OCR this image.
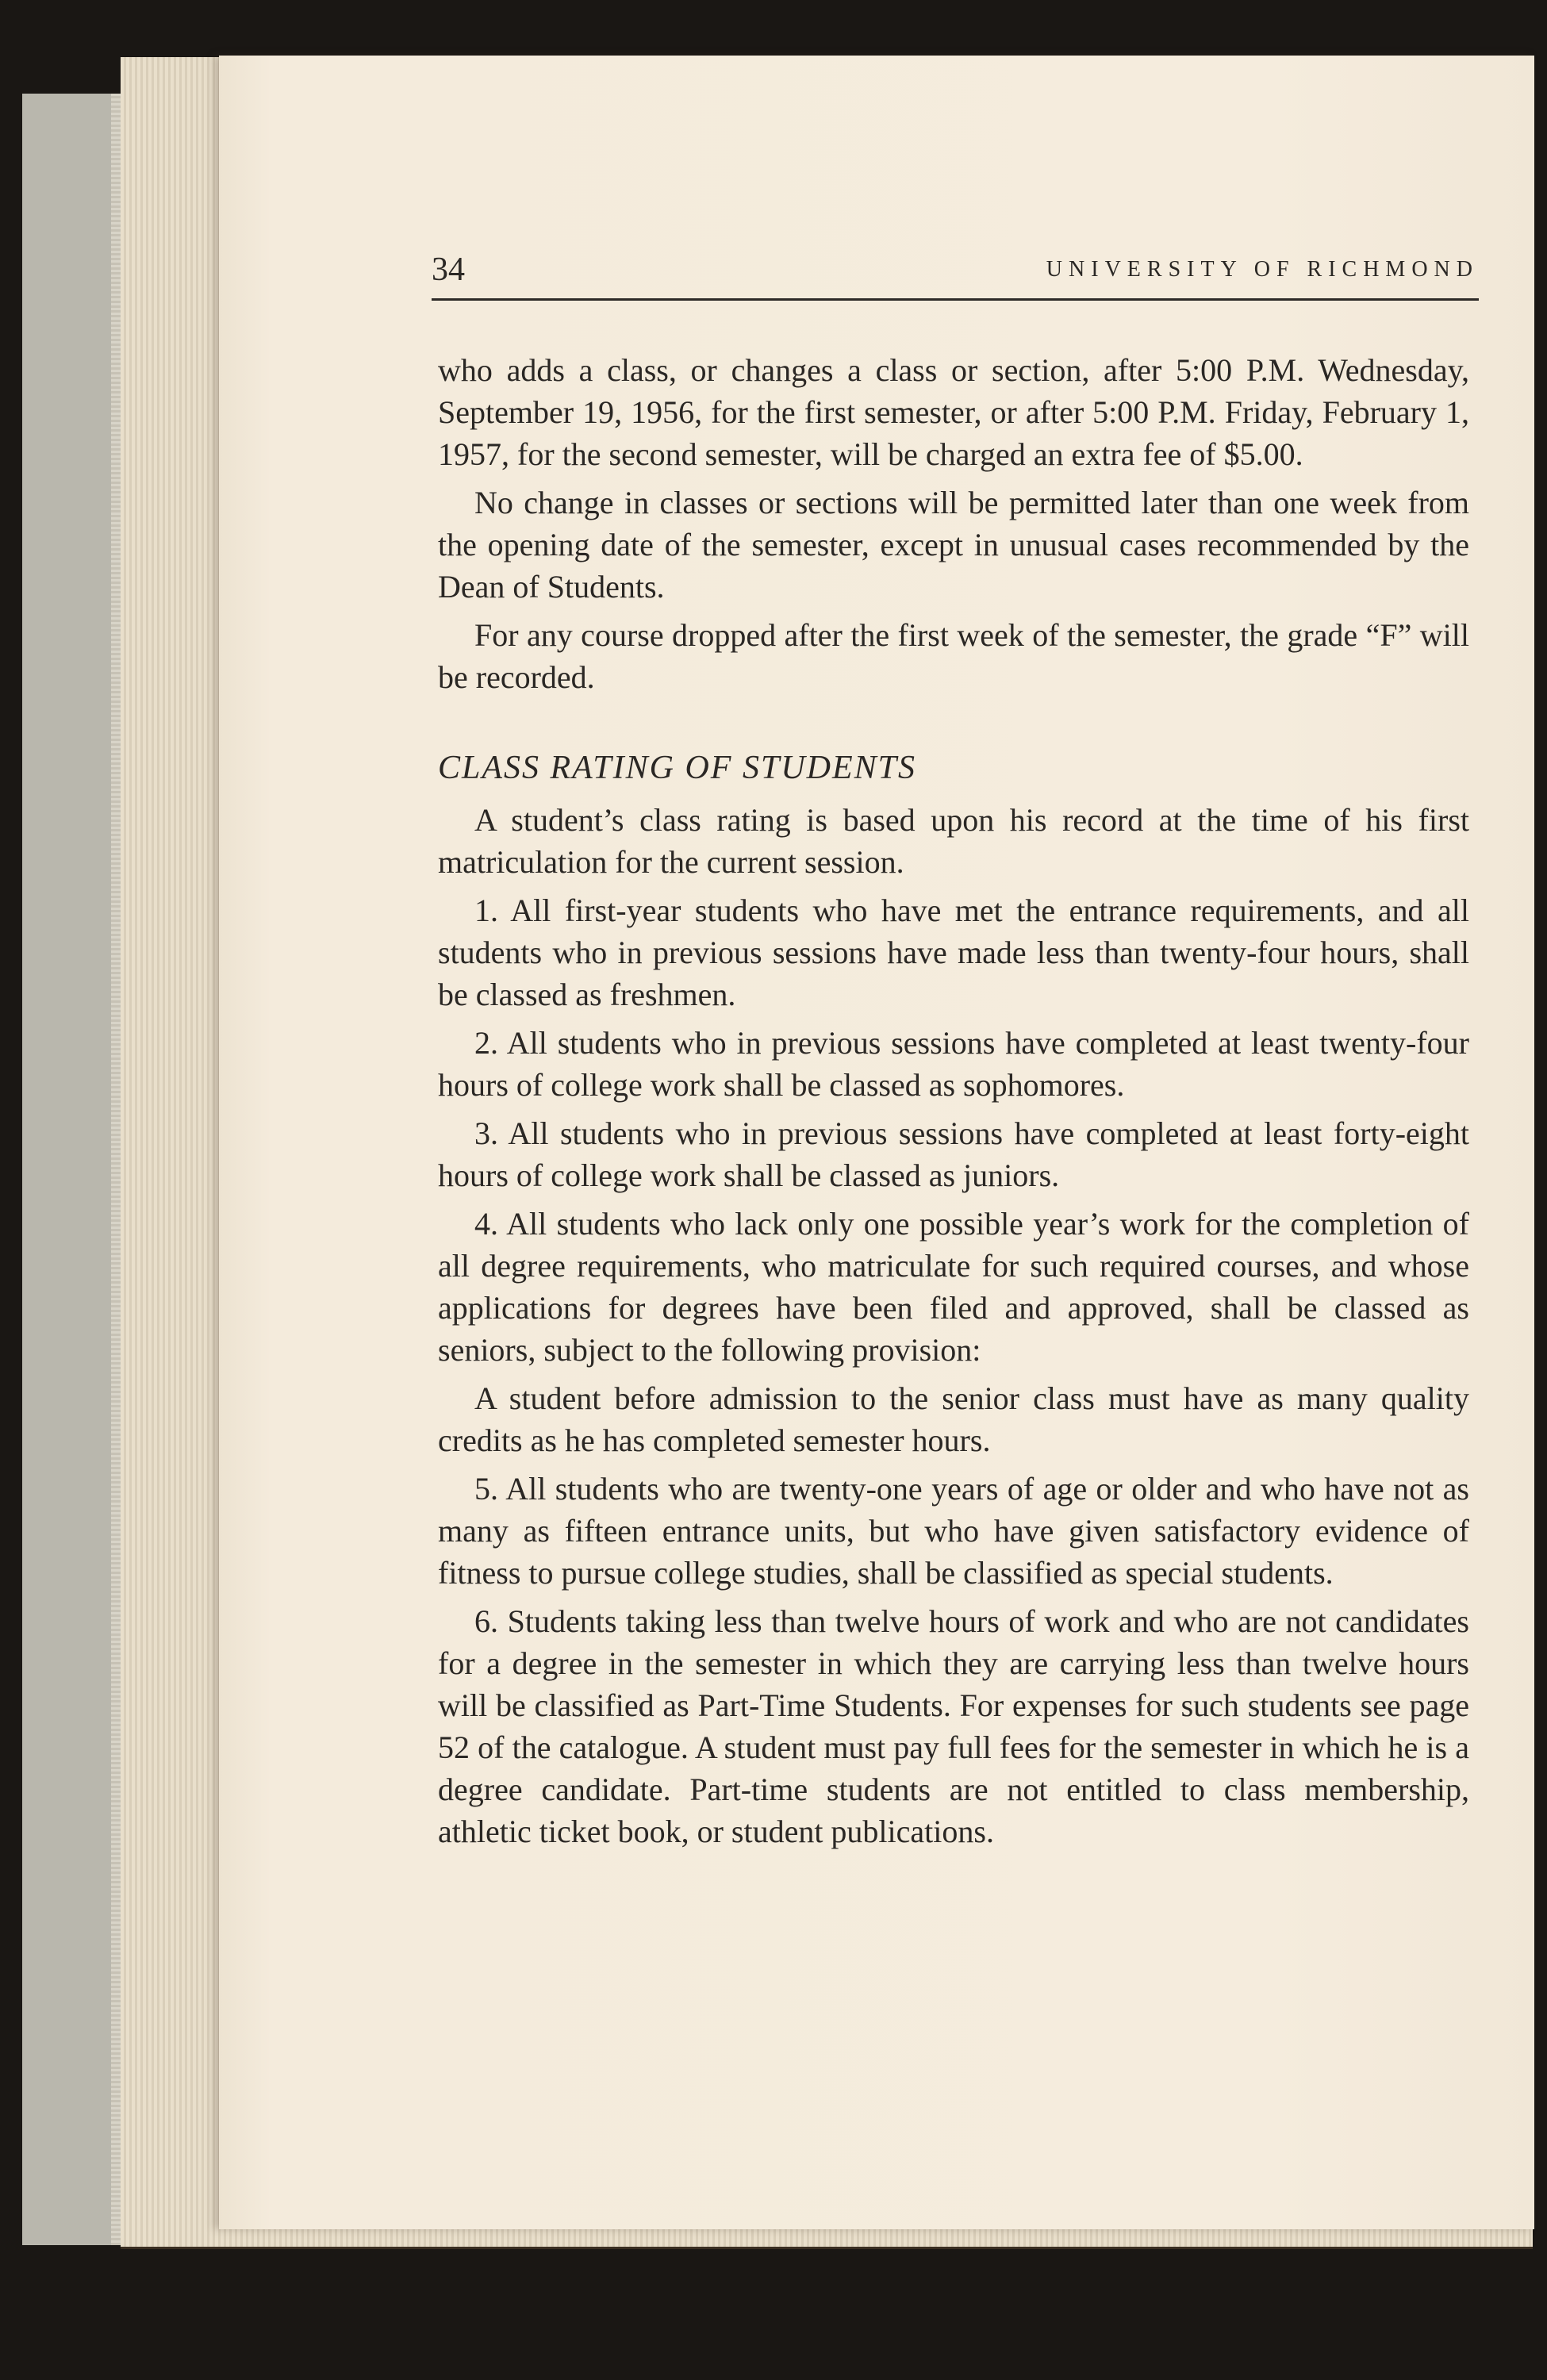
34	UNIVERSITY OF RICHMOND

who adds a class, or changes a class or section, after 5:00 P.M. Wednesday, September 19, 1956, for the first semester, or after 5:00 P.M. Friday, February 1, 1957, for the second semester, will be charged an extra fee of $5.00.

No change in classes or sections will be permitted later than one week from the opening date of the semester, except in unusual cases recommended by the Dean of Students.

For any course dropped after the first week of the semester, the grade “F” will be recorded.

CLASS RATING OF STUDENTS

A student’s class rating is based upon his record at the time of his first matriculation for the current session.

1. All first-year students who have met the entrance requirements, and all students who in previous sessions have made less than twenty-four hours, shall be classed as freshmen.

2. All students who in previous sessions have completed at least twenty-four hours of college work shall be classed as sophomores.

3. All students who in previous sessions have completed at least forty-eight hours of college work shall be classed as juniors.

4. All students who lack only one possible year’s work for the completion of all degree requirements, who matriculate for such required courses, and whose applications for degrees have been filed and approved, shall be classed as seniors, subject to the following provision:

A student before admission to the senior class must have as many quality credits as he has completed semester hours.

5. All students who are twenty-one years of age or older and who have not as many as fifteen entrance units, but who have given satisfactory evidence of fitness to pursue college studies, shall be classified as special students.

6. Students taking less than twelve hours of work and who are not candidates for a degree in the semester in which they are carrying less than twelve hours will be classified as Part-Time Students. For expenses for such students see page 52 of the catalogue. A student must pay full fees for the semester in which he is a degree candidate. Part-time students are not entitled to class membership, athletic ticket book, or student publications.
